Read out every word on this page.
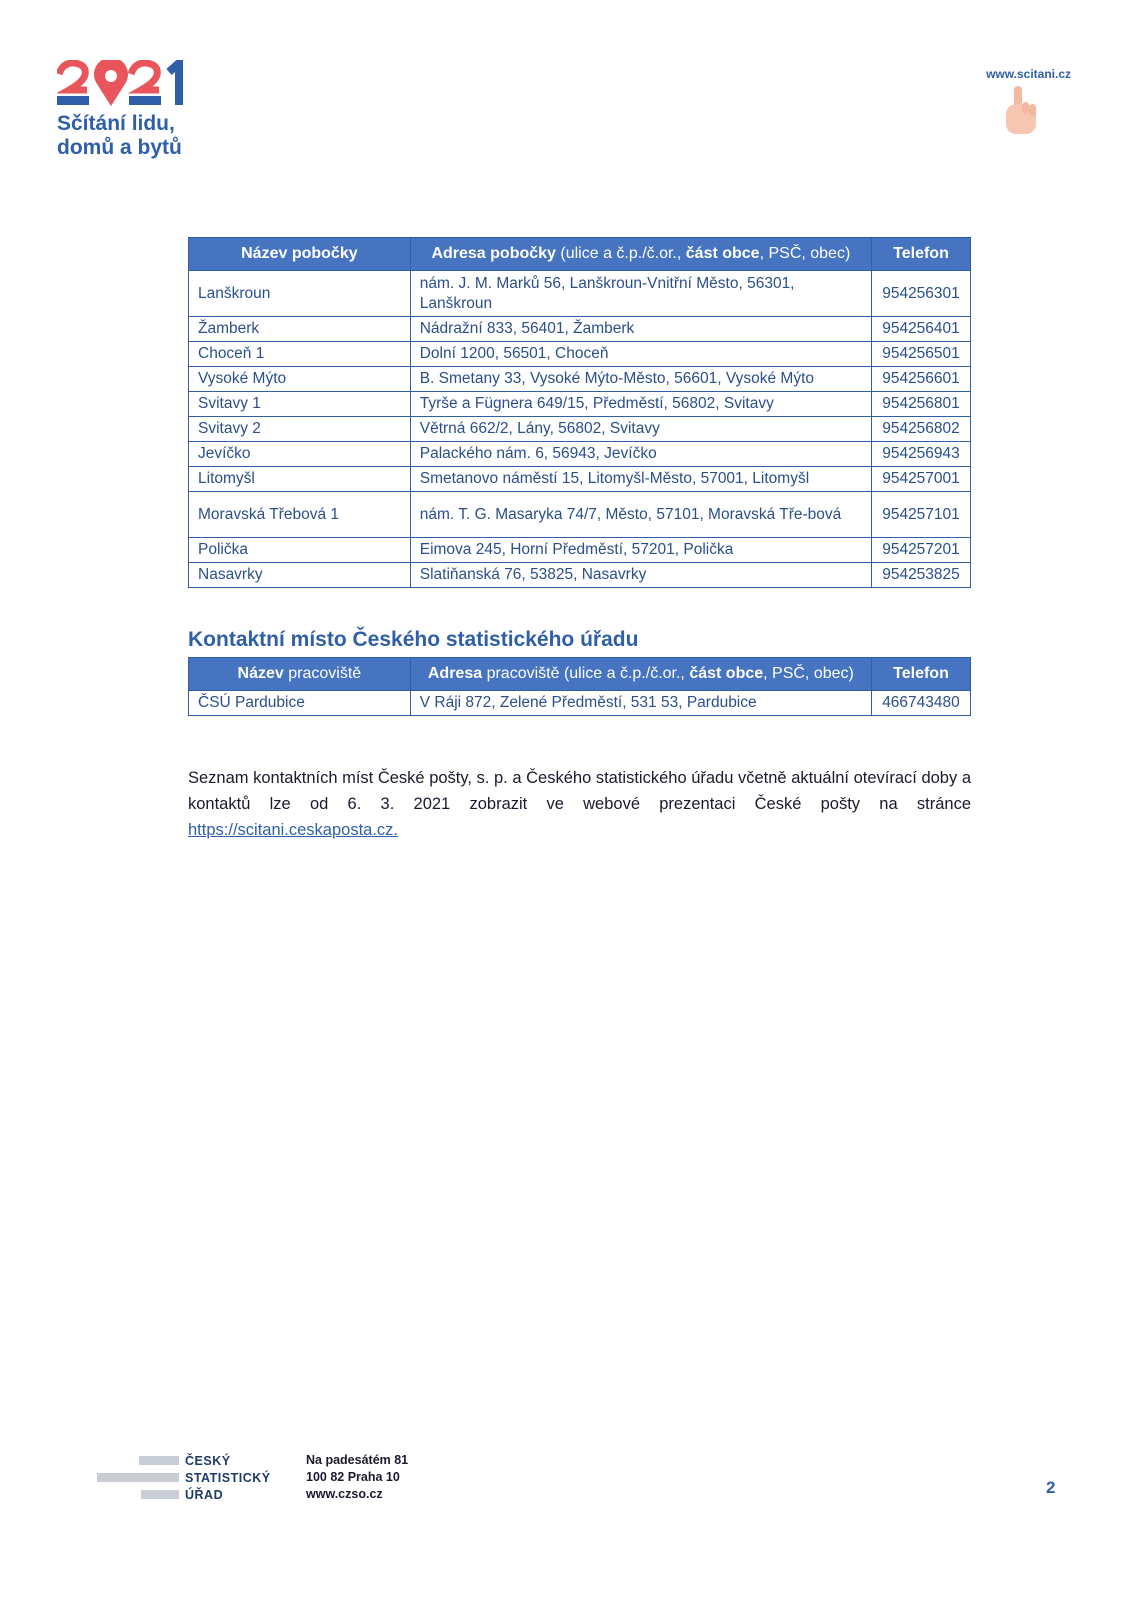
Sčítání lidu,
domů a bytů
www.scitani.cz
Název pobočky	Adresa pobočky (ulice a č.p./č.or., část obce, PSČ, obec)	Telefon
Lanškroun	nám. J. M. Marků 56, Lanškroun-Vnitřní Město, 56301, Lanškroun	954256301
Žamberk	Nádražní 833, 56401, Žamberk	954256401
Choceň 1	Dolní 1200, 56501, Choceň	954256501
Vysoké Mýto	B. Smetany 33, Vysoké Mýto-Město, 56601, Vysoké Mýto	954256601
Svitavy 1	Tyrše a Fügnera 649/15, Předměstí, 56802, Svitavy	954256801
Svitavy 2	Větrná 662/2, Lány, 56802, Svitavy	954256802
Jevíčko	Palackého nám. 6, 56943, Jevíčko	954256943
Litomyšl	Smetanovo náměstí 15, Litomyšl-Město, 57001, Litomyšl	954257001
Moravská Třebová 1	nám. T. G. Masaryka 74/7, Město, 57101, Moravská Tře-bová	954257101
Polička	Eimova 245, Horní Předměstí, 57201, Polička	954257201
Nasavrky	Slatiňanská 76, 53825, Nasavrky	954253825
Kontaktní místo Českého statistického úřadu
Název pracoviště	Adresa pracoviště (ulice a č.p./č.or., část obce, PSČ, obec)	Telefon
ČSÚ Pardubice	V Ráji 872, Zelené Předměstí, 531 53, Pardubice	466743480

Seznam kontaktních míst České pošty, s. p. a Českého statistického úřadu včetně aktuální otevírací doby a kontaktů lze od 6. 3. 2021 zobrazit ve webové prezentaci České pošty na stránce https://scitani.ceskaposta.cz.

ČESKÝ
STATISTICKÝ
ÚŘAD
Na padesátém 81
100 82 Praha 10
www.czso.cz	2
